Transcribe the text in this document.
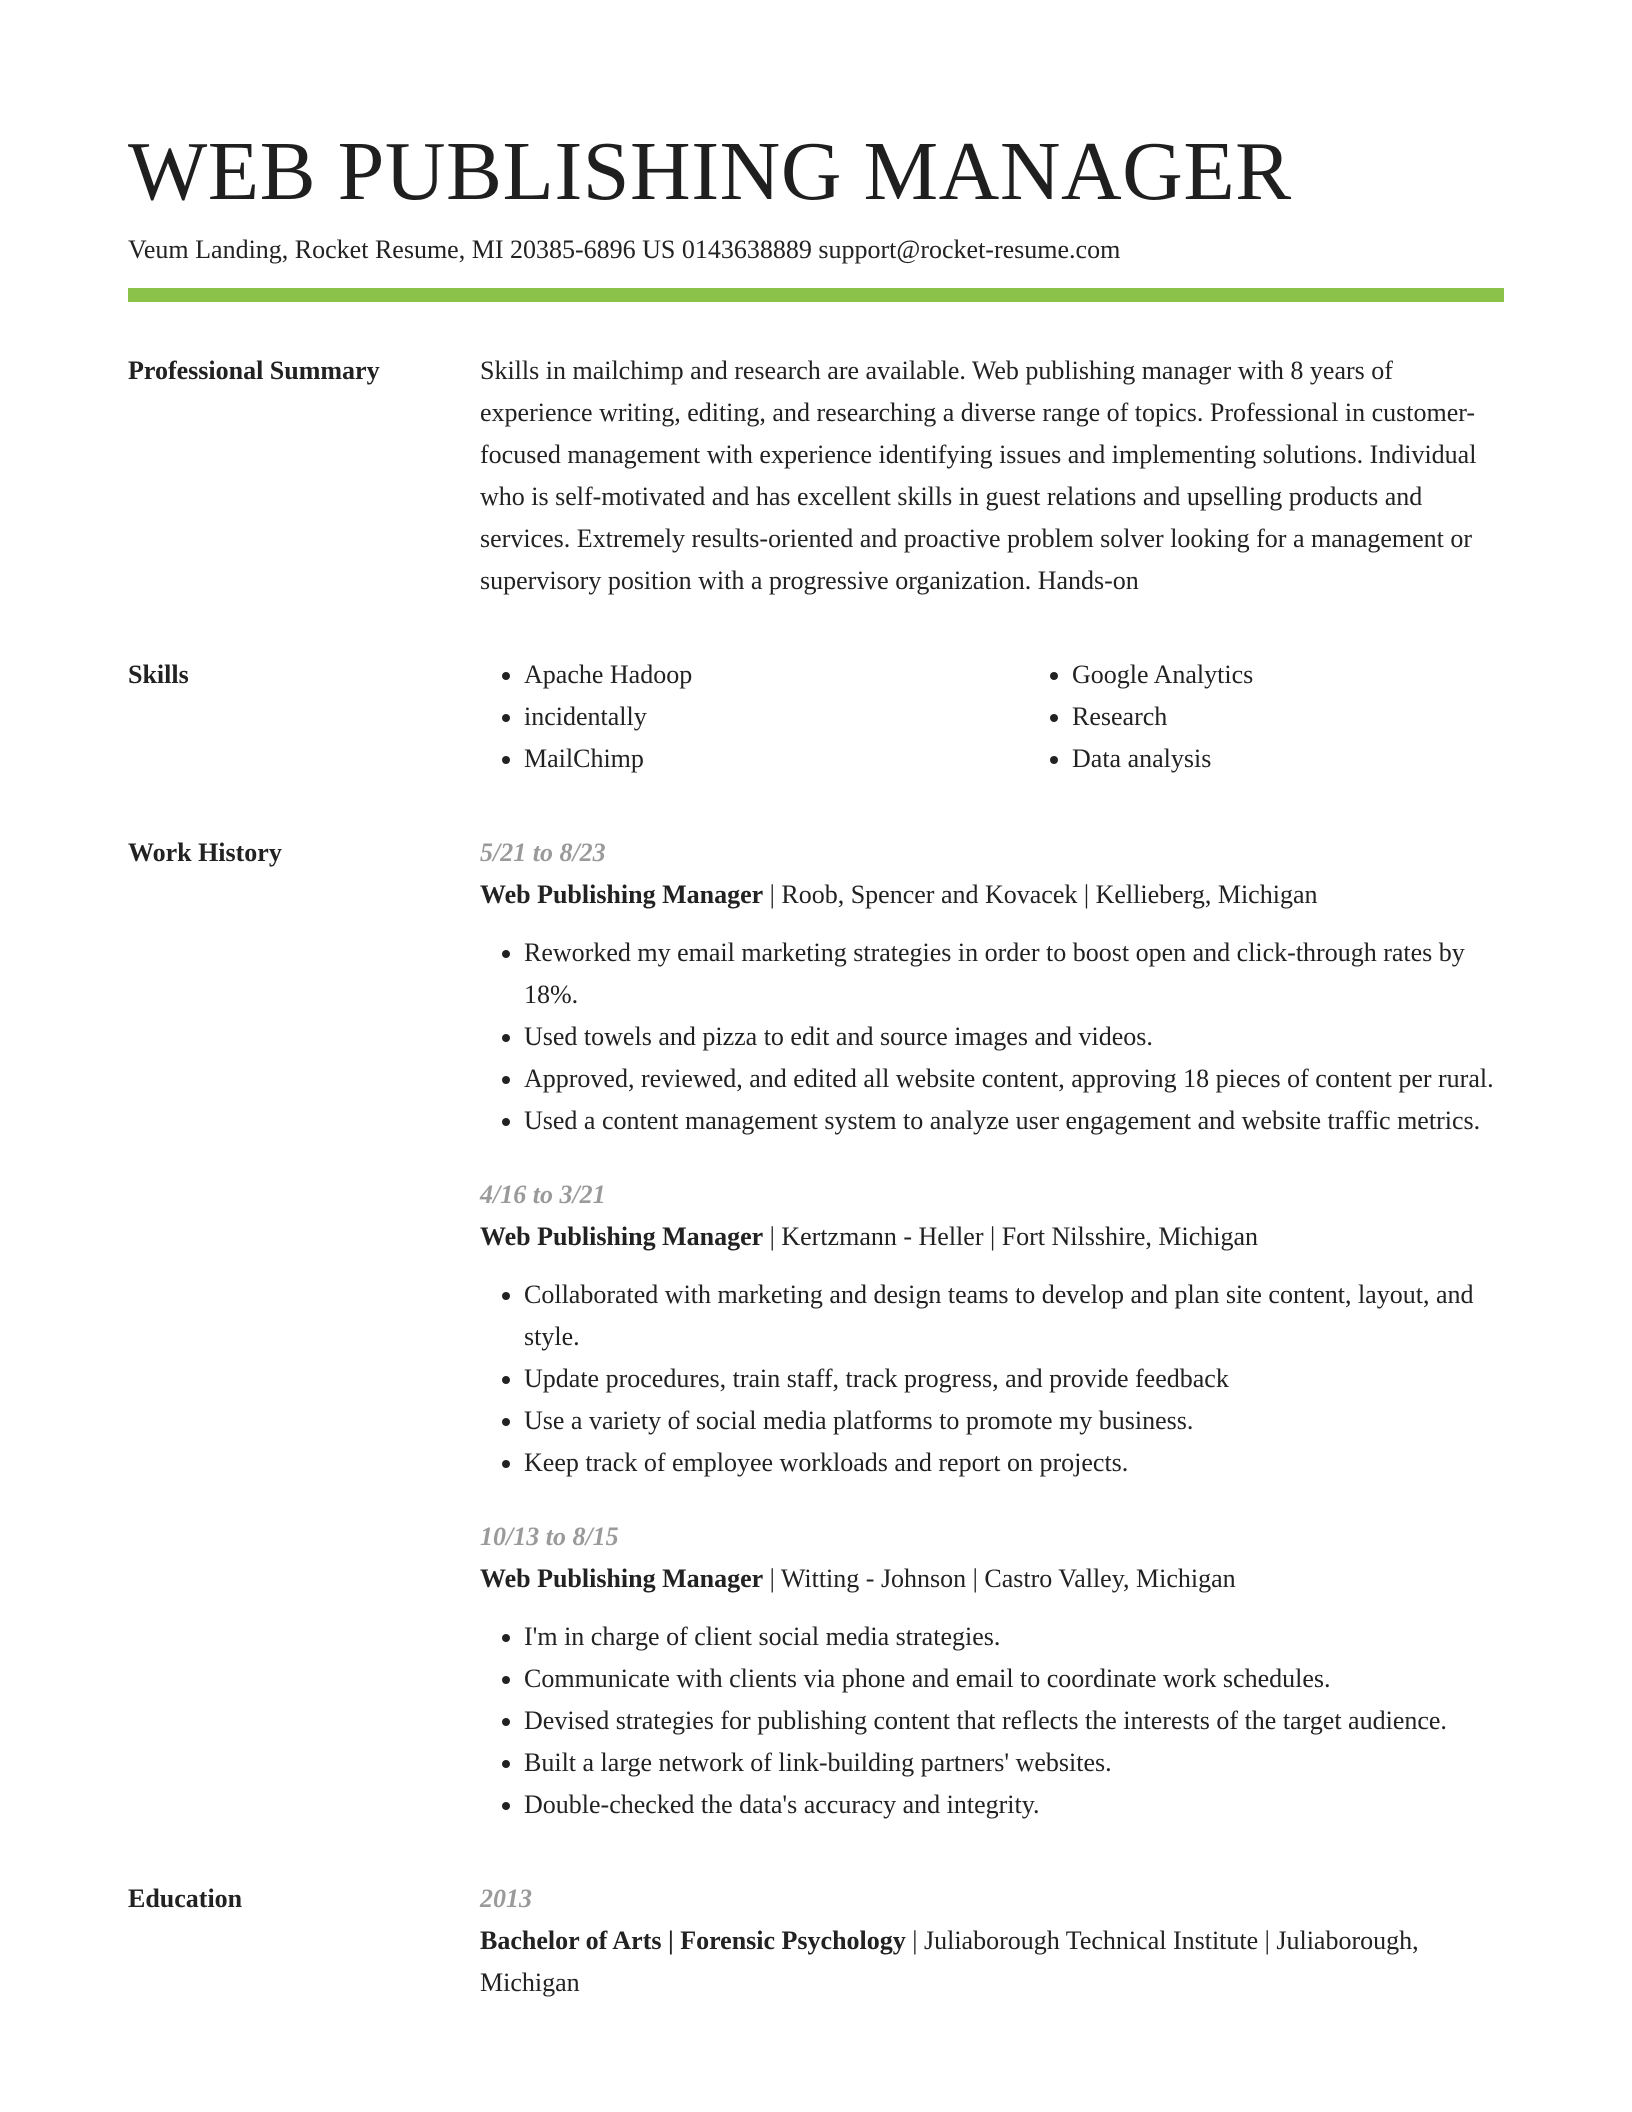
WEB PUBLISHING MANAGER
Veum Landing, Rocket Resume, MI 20385-6896 US 0143638889 support@rocket-resume.com
Professional Summary	Skills in mailchimp and research are available. Web publishing manager with 8 years of experience writing, editing, and researching a diverse range of topics. Professional in customer-focused management with experience identifying issues and implementing solutions. Individual who is self-motivated and has excellent skills in guest relations and upselling products and services. Extremely results-oriented and proactive problem solver looking for a management or supervisory position with a progressive organization. Hands-on

Skills
•	Apache Hadoop
• incidentally
• MailChimp
• Google Analytics
• Research
• Data analysis
Work History	5/21 to 8/23
Web Publishing Manager | Roob, Spencer and Kovacek | Kellieberg, Michigan
• Reworked my email marketing strategies in order to boost open and click-through rates by 18%.
• Used towels and pizza to edit and source images and videos.
• Approved, reviewed, and edited all website content, approving 18 pieces of content per rural.
• Used a content management system to analyze user engagement and website traffic metrics.
4/16 to 3/21
Web Publishing Manager | Kertzmann - Heller | Fort Nilsshire, Michigan
• Collaborated with marketing and design teams to develop and plan site content, layout, and style.
• Update procedures, train staff, track progress, and provide feedback
• Use a variety of social media platforms to promote my business.
• Keep track of employee workloads and report on projects.
10/13 to 8/15
Web Publishing Manager | Witting - Johnson | Castro Valley, Michigan
• I'm in charge of client social media strategies.
• Communicate with clients via phone and email to coordinate work schedules.
• Devised strategies for publishing content that reflects the interests of the target audience.
• Built a large network of link-building partners' websites.
• Double-checked the data's accuracy and integrity.
Education	2013
Bachelor of Arts | Forensic Psychology | Juliaborough Technical Institute | Juliaborough, Michigan
